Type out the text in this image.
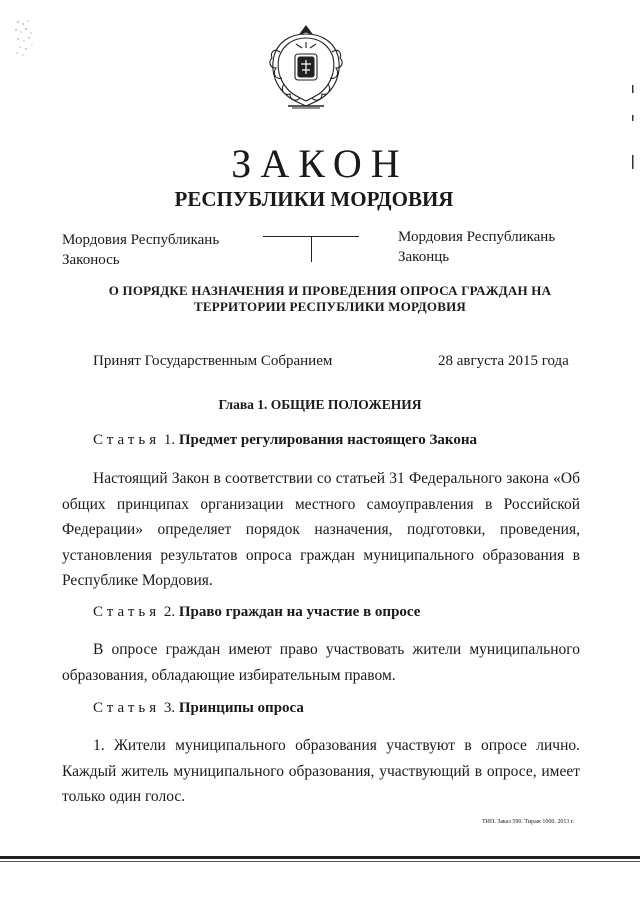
ЗАКОН
РЕСПУБЛИКИ МОРДОВИЯ
Мордовия Республикань
Законось
Мордовия Республикань
Законць
О ПОРЯДКЕ НАЗНАЧЕНИЯ И ПРОВЕДЕНИЯ ОПРОСА ГРАЖДАН НА
ТЕРРИТОРИИ РЕСПУБЛИКИ МОРДОВИЯ
Принят Государственным Собранием	28 августа 2015 года
Глава 1. ОБЩИЕ ПОЛОЖЕНИЯ
Статья 1. Предмет регулирования настоящего Закона

Настоящий Закон в соответствии со статьей 31 Федерального закона «Об общих принципах организации местного самоуправления в Российской Федерации» определяет порядок назначения, подготовки, проведения, установления результатов опроса граждан муниципального образования в Республике Мордовия.

Статья 2. Право граждан на участие в опросе

В опросе граждан имеют право участвовать жители муниципального образования, обладающие избирательным правом.

Статья 3. Принципы опроса

1. Жители муниципального образования участвуют в опросе лично. Каждый житель муниципального образования, участвующий в опросе, имеет только один голос.

ТИП. Заказ 590. Тираж 1000. 2013 г.
